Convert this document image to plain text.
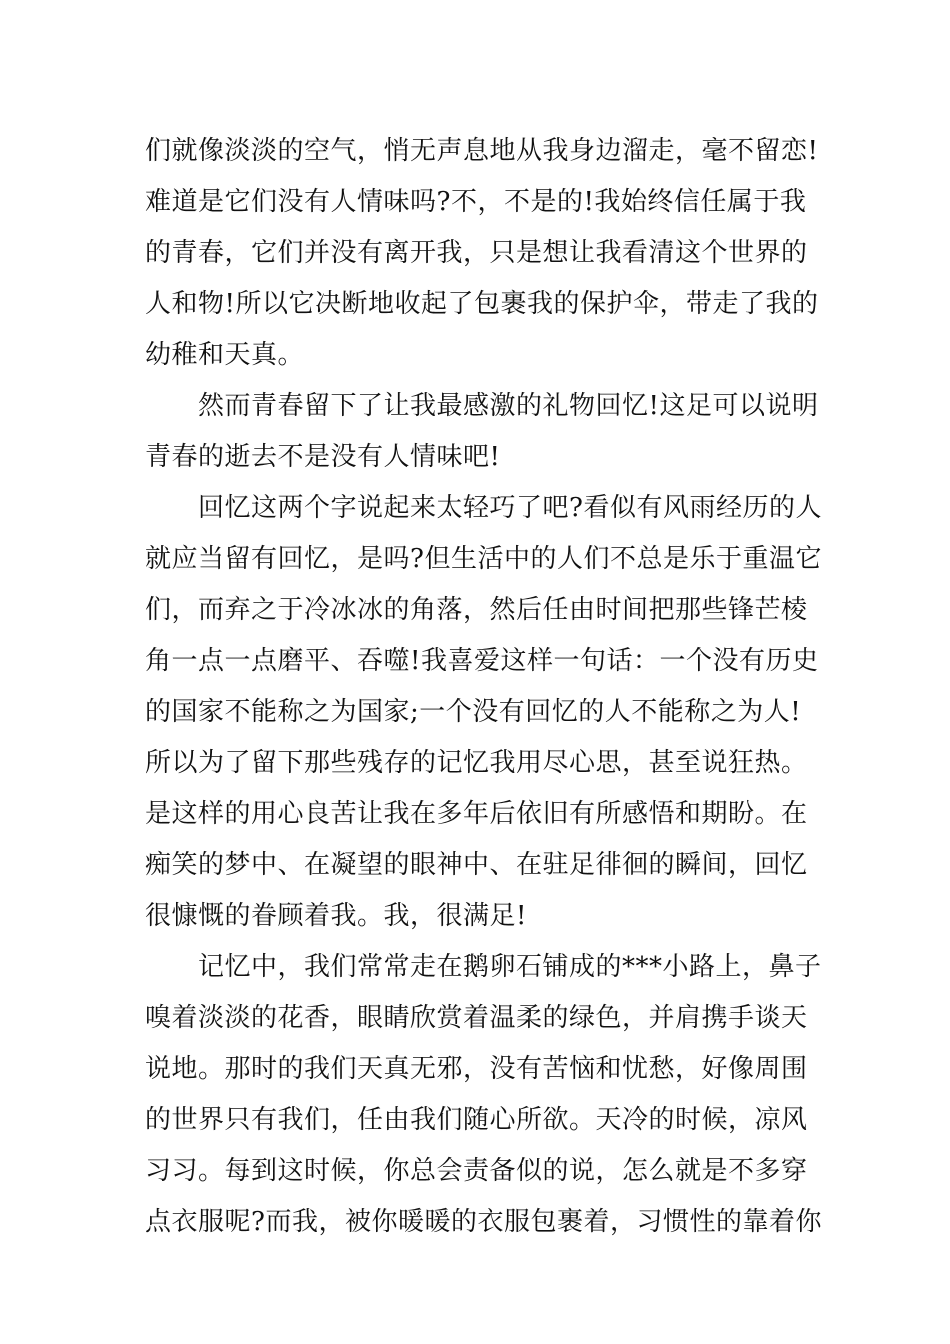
们就像淡淡的空气，悄无声息地从我身边溜走，毫不留恋!
难道是它们没有人情味吗?不，不是的!我始终信任属于我
的青春，它们并没有离开我，只是想让我看清这个世界的
人和物!所以它决断地收起了包裹我的保护伞，带走了我的
幼稚和天真。
然而青春留下了让我最感激的礼物回忆!这足可以说明
青春的逝去不是没有人情味吧!
回忆这两个字说起来太轻巧了吧?看似有风雨经历的人
就应当留有回忆，是吗?但生活中的人们不总是乐于重温它
们，而弃之于冷冰冰的角落，然后任由时间把那些锋芒棱
角一点一点磨平、吞噬!我喜爱这样一句话：一个没有历史
的国家不能称之为国家;一个没有回忆的人不能称之为人!
所以为了留下那些残存的记忆我用尽心思，甚至说狂热。
是这样的用心良苦让我在多年后依旧有所感悟和期盼。在
痴笑的梦中、在凝望的眼神中、在驻足徘徊的瞬间，回忆
很慷慨的眷顾着我。我，很满足!
记忆中，我们常常走在鹅卵石铺成的***小路上，鼻子
嗅着淡淡的花香，眼睛欣赏着温柔的绿色，并肩携手谈天
说地。那时的我们天真无邪，没有苦恼和忧愁，好像周围
的世界只有我们，任由我们随心所欲。天冷的时候，凉风
习习。每到这时候，你总会责备似的说，怎么就是不多穿
点衣服呢?而我，被你暖暖的衣服包裹着，习惯性的靠着你
